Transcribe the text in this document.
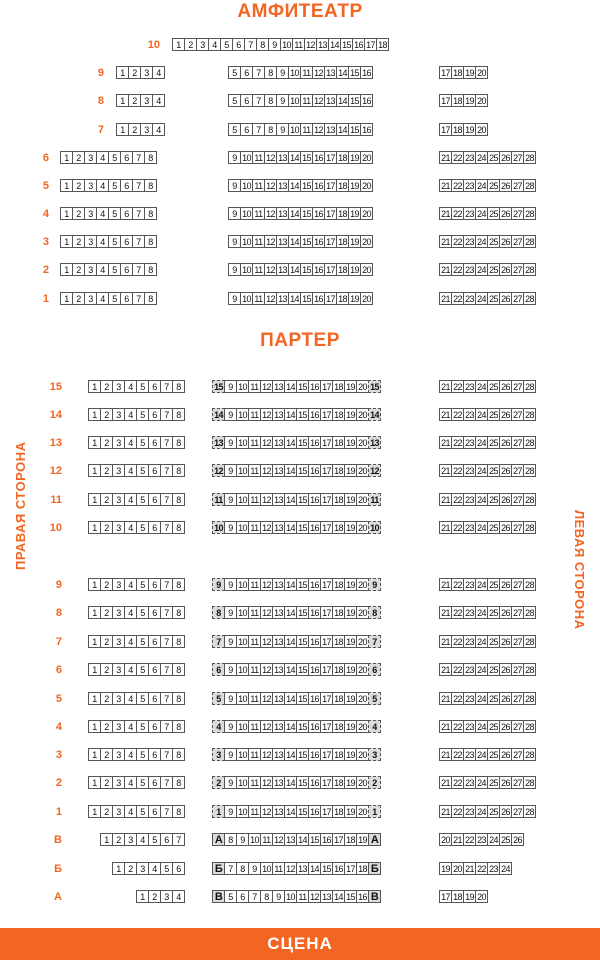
АМФИТЕАТР
ПАРТЕР
ПРАВАЯ СТОРОНА	ЛЕВАЯ СТОРОНА
10	1 2 3 4 5 6 7 8 9 10 11 12 13 14 15 16 17 18
9	1 2 3 4	5 6 7 8 9 10 11 12 13 14 15 16	17 18 19 20
8	1 2 3 4	5 6 7 8 9 10 11 12 13 14 15 16	17 18 19 20
7	1 2 3 4	5 6 7 8 9 10 11 12 13 14 15 16	17 18 19 20
6	1 2 3 4 5 6 7 8	9 10 11 12 13 14 15 16 17 18 19 20	21 22 23 24 25 26 27 28
5	1 2 3 4 5 6 7 8	9 10 11 12 13 14 15 16 17 18 19 20	21 22 23 24 25 26 27 28
4	1 2 3 4 5 6 7 8	9 10 11 12 13 14 15 16 17 18 19 20	21 22 23 24 25 26 27 28
3	1 2 3 4 5 6 7 8	9 10 11 12 13 14 15 16 17 18 19 20	21 22 23 24 25 26 27 28
2	1 2 3 4 5 6 7 8	9 10 11 12 13 14 15 16 17 18 19 20	21 22 23 24 25 26 27 28
1	1 2 3 4 5 6 7 8	9 10 11 12 13 14 15 16 17 18 19 20	21 22 23 24 25 26 27 28
15	1 2 3 4 5 6 7 8	15 9 10 11 12 13 14 15 16 17 18 19 20 15	21 22 23 24 25 26 27 28
14	1 2 3 4 5 6 7 8	14 9 10 11 12 13 14 15 16 17 18 19 20 14	21 22 23 24 25 26 27 28
13	1 2 3 4 5 6 7 8	13 9 10 11 12 13 14 15 16 17 18 19 20 13	21 22 23 24 25 26 27 28
12	1 2 3 4 5 6 7 8	12 9 10 11 12 13 14 15 16 17 18 19 20 12	21 22 23 24 25 26 27 28
11	1 2 3 4 5 6 7 8	11 9 10 11 12 13 14 15 16 17 18 19 20 11	21 22 23 24 25 26 27 28
10	1 2 3 4 5 6 7 8	10 9 10 11 12 13 14 15 16 17 18 19 20 10	21 22 23 24 25 26 27 28
9	1 2 3 4 5 6 7 8	9 9 10 11 12 13 14 15 16 17 18 19 20 9	21 22 23 24 25 26 27 28
8	1 2 3 4 5 6 7 8	8 9 10 11 12 13 14 15 16 17 18 19 20 8	21 22 23 24 25 26 27 28
7	1 2 3 4 5 6 7 8	7 9 10 11 12 13 14 15 16 17 18 19 20 7	21 22 23 24 25 26 27 28
6	1 2 3 4 5 6 7 8	6 9 10 11 12 13 14 15 16 17 18 19 20 6	21 22 23 24 25 26 27 28
5	1 2 3 4 5 6 7 8	5 9 10 11 12 13 14 15 16 17 18 19 20 5	21 22 23 24 25 26 27 28
4	1 2 3 4 5 6 7 8	4 9 10 11 12 13 14 15 16 17 18 19 20 4	21 22 23 24 25 26 27 28
3	1 2 3 4 5 6 7 8	3 9 10 11 12 13 14 15 16 17 18 19 20 3	21 22 23 24 25 26 27 28
2	1 2 3 4 5 6 7 8	2 9 10 11 12 13 14 15 16 17 18 19 20 2	21 22 23 24 25 26 27 28
1	1 2 3 4 5 6 7 8	1 9 10 11 12 13 14 15 16 17 18 19 20 1	21 22 23 24 25 26 27 28
В	1 2 3 4 5 6 7	А 8 9 10 11 12 13 14 15 16 17 18 19 А	20 21 22 23 24 25 26
Б	1 2 3 4 5 6	Б 7 8 9 10 11 12 13 14 15 16 17 18 Б	19 20 21 22 23 24
А	1 2 3 4	В 5 6 7 8 9 10 11 12 13 14 15 16 В	17 18 19 20
СЦЕНА
